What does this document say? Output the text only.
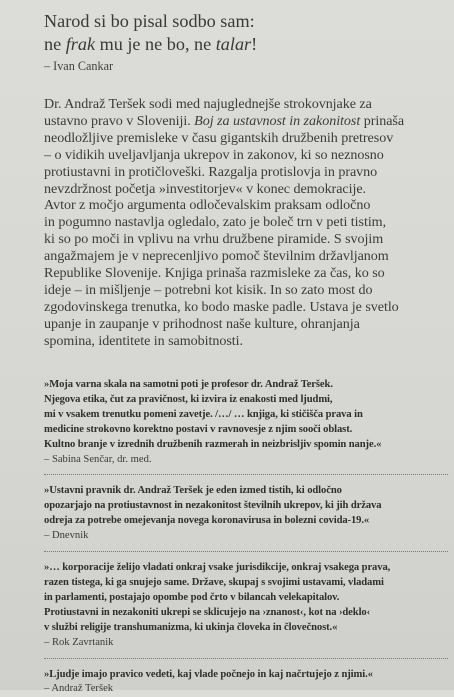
Narod si bo pisal sodbo sam:
ne frak mu je ne bo, ne talar!
– Ivan Cankar
Dr. Andraž Teršek sodi med najuglednejše strokovnjake za
ustavno pravo v Sloveniji. Boj za ustavnost in zakonitost prinaša
neodložljive premisleke v času gigantskih družbenih pretresov
– o vidikih uveljavljanja ukrepov in zakonov, ki so neznosno
protiustavni in protičloveški. Razgalja protislovja in pravno
nevzdržnost početja »investitorjev« v konec demokracije.
Avtor z močjo argumenta odločevalskim praksam odločno
in pogumno nastavlja ogledalo, zato je boleč trn v peti tistim,
ki so po moči in vplivu na vrhu družbene piramide. S svojim
angažmajem je v neprecenljivo pomoč številnim državljanom
Republike Slovenije. Knjiga prinaša razmisleke za čas, ko so
ideje – in mišljenje – potrebni kot kisik. In so zato most do
zgodovinskega trenutka, ko bodo maske padle. Ustava je svetlo
upanje in zaupanje v prihodnost naše kulture, ohranjanja
spomina, identitete in samobitnosti.
»Moja varna skala na samotni poti je profesor dr. Andraž Teršek.
Njegova etika, čut za pravičnost, ki izvira iz enakosti med ljudmi,
mi v vsakem trenutku pomeni zavetje. /…/ … knjiga, ki stičišča prava in
medicine strokovno korektno postavi v ravnovesje z njim sooči oblast.
Kultno branje v izrednih družbenih razmerah in neizbrisljiv spomin nanje.«
– Sabina Senčar, dr. med.
»Ustavni pravnik dr. Andraž Teršek je eden izmed tistih, ki odločno
opozarjajo na protiustavnost in nezakonitost številnih ukrepov, ki jih država
odreja za potrebe omejevanja novega koronavirusa in bolezni covida-19.«
– Dnevnik
»… korporacije želijo vladati onkraj vsake jurisdikcije, onkraj vsakega prava,
razen tistega, ki ga snujejo same. Države, skupaj s svojimi ustavami, vladami
in parlamenti, postajajo opombe pod črto v bilancah velekapitalov.
Protiustavni in nezakoniti ukrepi se sklicujejo na ›znanost‹, kot na ›deklo‹
v službi religije transhumanizma, ki ukinja človeka in človečnost.«
– Rok Zavrtanik
»Ljudje imajo pravico vedeti, kaj vlade počnejo in kaj načrtujejo z njimi.«
– Andraž Teršek
